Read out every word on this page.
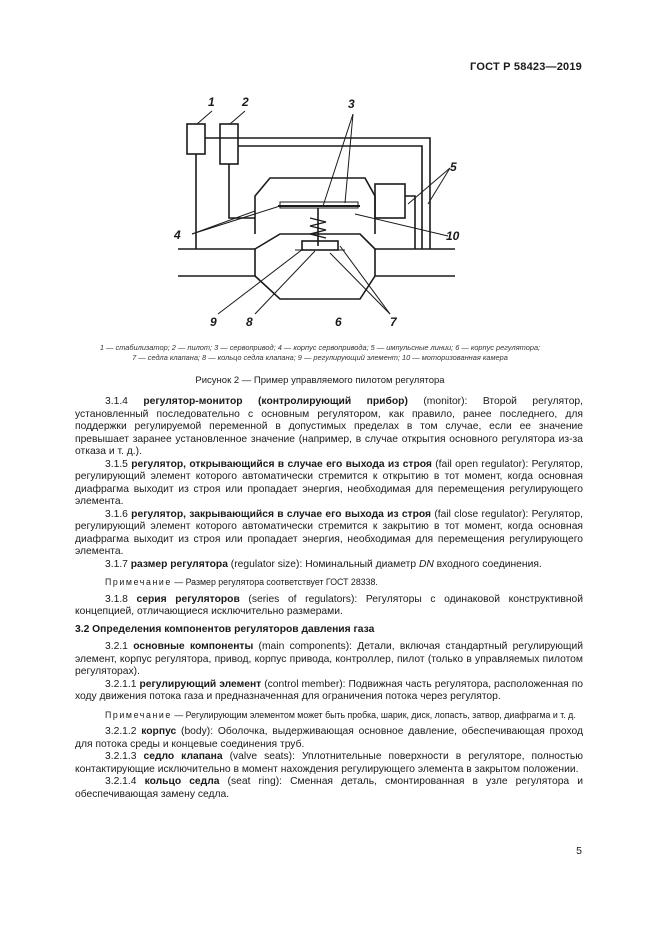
ГОСТ Р 58423—2019
1 2	3
4
5
10
9 8	6	7
1 — стабилизатор; 2 — пилот; 3 — сервопривод; 4 — корпус сервопривода; 5 — импульсные линии; 6 — корпус регулятора;
7 — седла клапана; 8 — кольцо седла клапана; 9 — регулирующий элемент; 10 — моторизованная камера
Рисунок 2 — Пример управляемого пилотом регулятора

3.1.4 регулятор-монитор (контролирующий прибор) (monitor): Второй регулятор, установленный последовательно с основным регулятором, как правило, ранее последнего, для поддержки регулируемой переменной в допустимых пределах в том случае, если ее значение превышает заранее установленное значение (например, в случае открытия основного регулятора из-за отказа и т. д.).

3.1.5 регулятор, открывающийся в случае его выхода из строя (fail open regulator): Регулятор, регулирующий элемент которого автоматически стремится к открытию в тот момент, когда основная диафрагма выходит из строя или пропадает энергия, необходимая для перемещения регулирующего элемента.

3.1.6 регулятор, закрывающийся в случае его выхода из строя (fail close regulator): Регулятор, регулирующий элемент которого автоматически стремится к закрытию в тот момент, когда основная диафрагма выходит из строя или пропадает энергия, необходимая для перемещения регулирующего элемента.

3.1.7 размер регулятора (regulator size): Номинальный диаметр DN входного соединения.

Примечание — Размер регулятора соответствует ГОСТ 28338.

3.1.8 серия регуляторов (series of regulators): Регуляторы с одинаковой конструктивной концепцией, отличающиеся исключительно размерами.

3.2 Определения компонентов регуляторов давления газа

3.2.1 основные компоненты (main components): Детали, включая стандартный регулирующий элемент, корпус регулятора, привод, корпус привода, контроллер, пилот (только в управляемых пилотом регуляторах).

3.2.1.1 регулирующий элемент (control member): Подвижная часть регулятора, расположенная по ходу движения потока газа и предназначенная для ограничения потока через регулятор.

Примечание — Регулирующим элементом может быть пробка, шарик, диск, лопасть, затвор, диафрагма и т. д.

3.2.1.2 корпус (body): Оболочка, выдерживающая основное давление, обеспечивающая проход для потока среды и концевые соединения труб.

3.2.1.3 седло клапана (valve seats): Уплотнительные поверхности в регуляторе, полностью контактирующие исключительно в момент нахождения регулирующего элемента в закрытом положении.

3.2.1.4 кольцо седла (seat ring): Сменная деталь, смонтированная в узле регулятора и обеспечивающая замену седла.

5
